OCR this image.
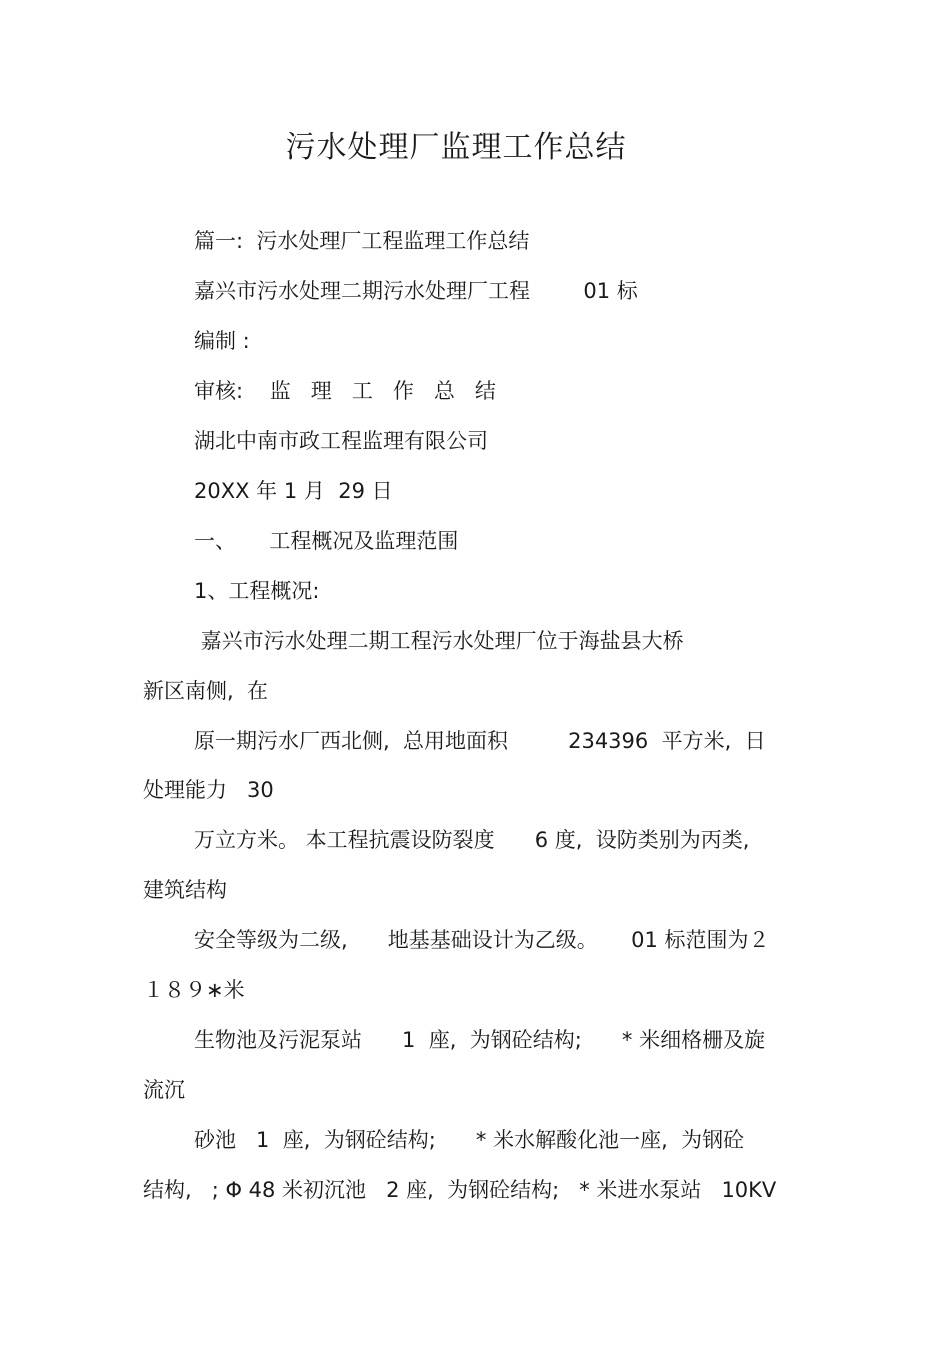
污水处理厂监理工作总结
篇一:  污水处理厂工程监理工作总结
嘉兴市污水处理二期污水处理厂工程        01 标
编制 :
审核:    监   理   工   作   总   结
湖北中南市政工程监理有限公司
20XX 年 1 月  29 日
一、     工程概况及监理范围
1、工程概况:
嘉兴市污水处理二期工程污水处理厂位于海盐县大桥
新区南侧,  在
原一期污水厂西北侧,  总用地面积         234396  平方米,  日
处理能力   30
万立方米。 本工程抗震设防裂度      6 度,  设防类别为丙类,
建筑结构
安全等级为二级,      地基基础设计为乙级。     01 标范围为２
１８９∗米
生物池及污泥泵站      1  座,  为钢砼结构;      * 米细格栅及旋
流沉
砂池   1  座,  为钢砼结构;      * 米水解酸化池一座,  为钢砼
结构,   ; Φ 48 米初沉池   2 座,  为钢砼结构;   * 米进水泵站   10KV
